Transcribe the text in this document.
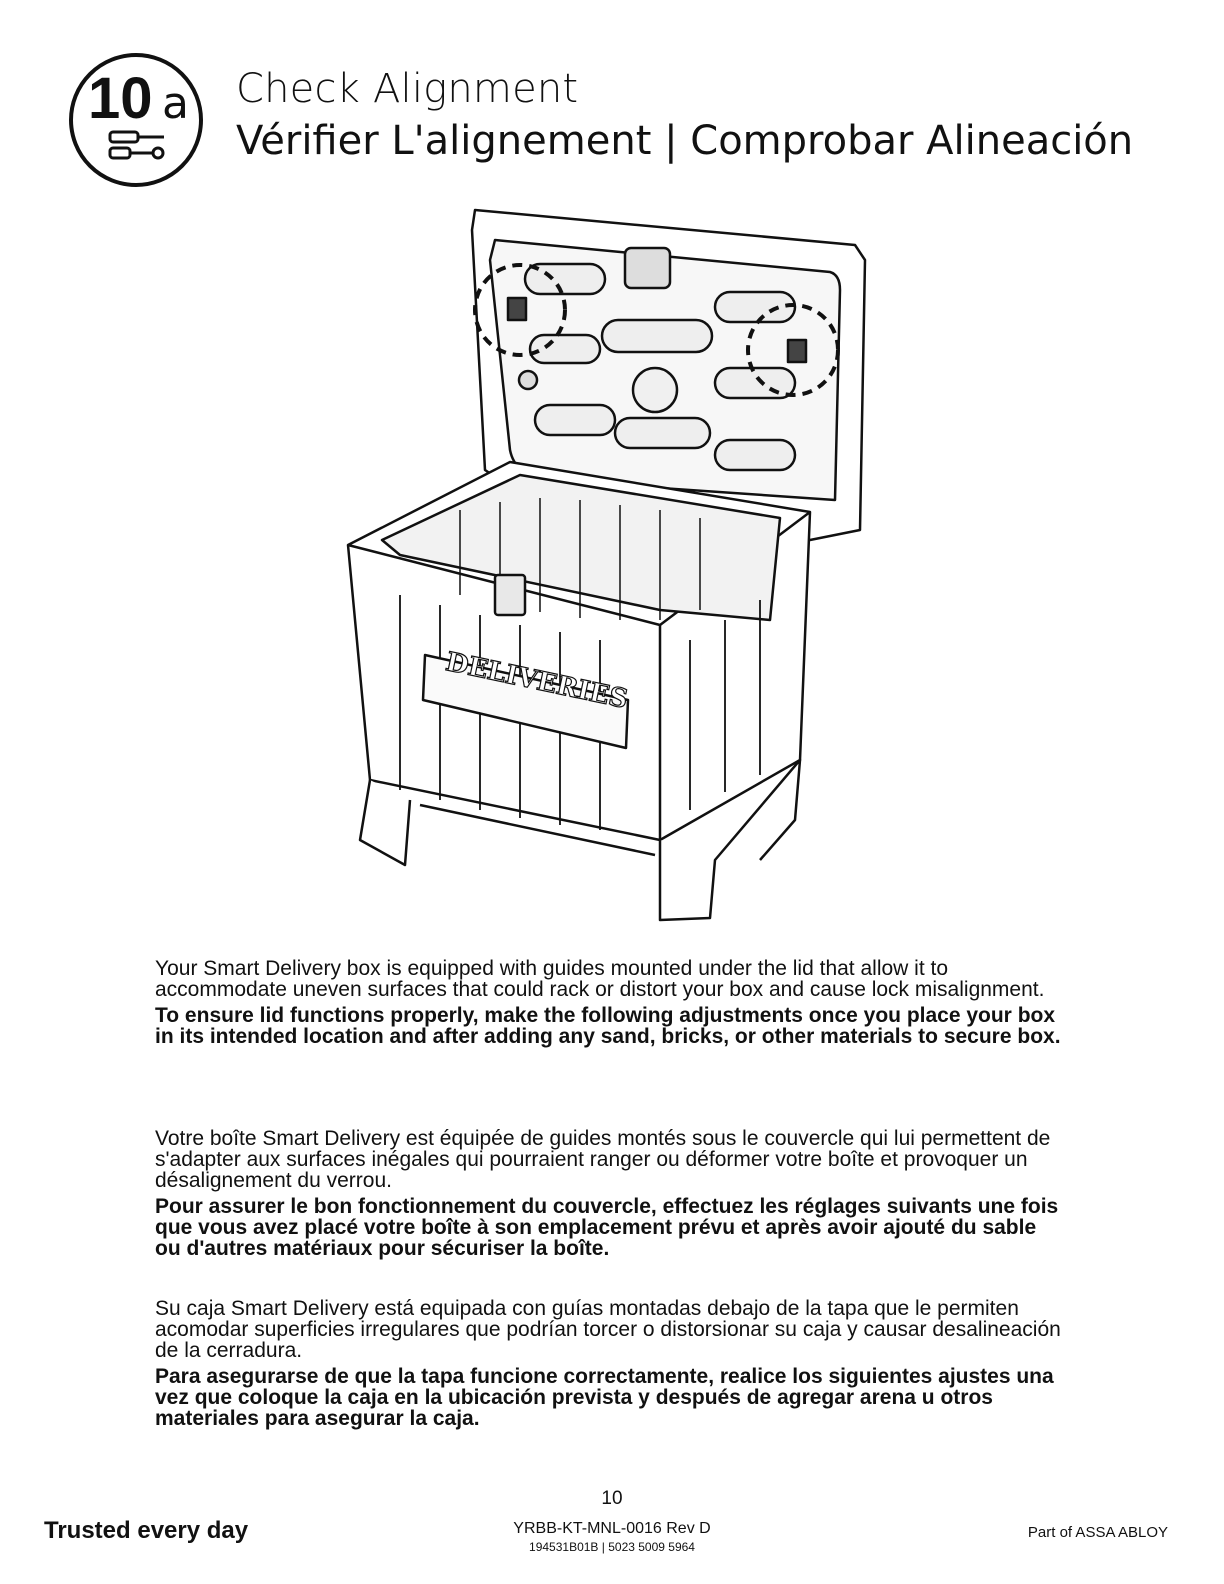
10 a Check Alignment
Vérifier L'alignement | Comprobar Alineación
DELIVERIES

Your Smart Delivery box is equipped with guides mounted under the lid that allow it to accommodate uneven surfaces that could rack or distort your box and cause lock misalignment.

To ensure lid functions properly, make the following adjustments once you place your box in its intended location and after adding any sand, bricks, or other materials to secure box.

Votre boîte Smart Delivery est équipée de guides montés sous le couvercle qui lui permettent de s'adapter aux surfaces inégales qui pourraient ranger ou déformer votre boîte et provoquer un désalignement du verrou.

Pour assurer le bon fonctionnement du couvercle, effectuez les réglages suivants une fois que vous avez placé votre boîte à son emplacement prévu et après avoir ajouté du sable ou d'autres matériaux pour sécuriser la boîte.

Su caja Smart Delivery está equipada con guías montadas debajo de la tapa que le permiten acomodar superficies irregulares que podrían torcer o distorsionar su caja y causar desalineación de la cerradura.

Para asegurarse de que la tapa funcione correctamente, realice los siguientes ajustes una vez que coloque la caja en la ubicación prevista y después de agregar arena u otros materiales para asegurar la caja.

10
Trusted every day	YRBB-KT-MNL-0016 Rev D
194531B01B | 5023 5009 5964
Part of ASSA ABLOY
